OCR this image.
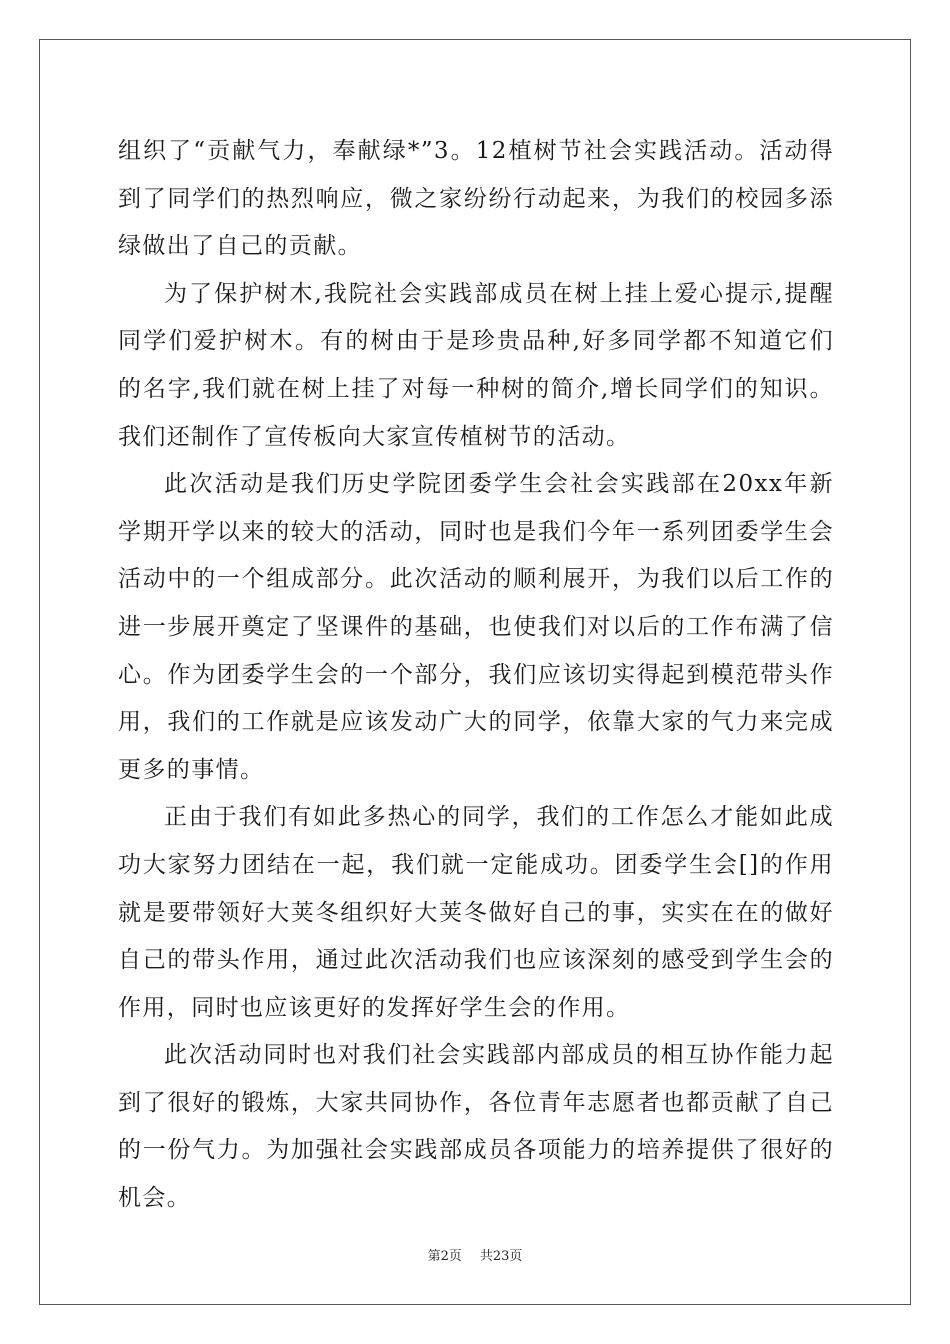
组织了“贡献气力，奉献绿*”3。12植树节社会实践活动。活动得到了同学们的热烈响应，微之家纷纷行动起来，为我们的校园多添绿做出了自己的贡献。

为了保护树木,我院社会实践部成员在树上挂上爱心提示,提醒同学们爱护树木。有的树由于是珍贵品种,好多同学都不知道它们的名字,我们就在树上挂了对每一种树的简介,增长同学们的知识。我们还制作了宣传板向大家宣传植树节的活动。

此次活动是我们历史学院团委学生会社会实践部在20xx年新学期开学以来的较大的活动，同时也是我们今年一系列团委学生会活动中的一个组成部分。此次活动的顺利展开，为我们以后工作的进一步展开奠定了坚课件的基础，也使我们对以后的工作布满了信心。作为团委学生会的一个部分，我们应该切实得起到模范带头作用，我们的工作就是应该发动广大的同学，依靠大家的气力来完成更多的事情。

正由于我们有如此多热心的同学，我们的工作怎么才能如此成功大家努力团结在一起，我们就一定能成功。团委学生会[]的作用就是要带领好大荚冬组织好大荚冬做好自己的事，实实在在的做好自己的带头作用，通过此次活动我们也应该深刻的感受到学生会的作用，同时也应该更好的发挥好学生会的作用。

此次活动同时也对我们社会实践部内部成员的相互协作能力起到了很好的锻炼，大家共同协作，各位青年志愿者也都贡献了自己的一份气力。为加强社会实践部成员各项能力的培养提供了很好的机会。

第2页 共23页
